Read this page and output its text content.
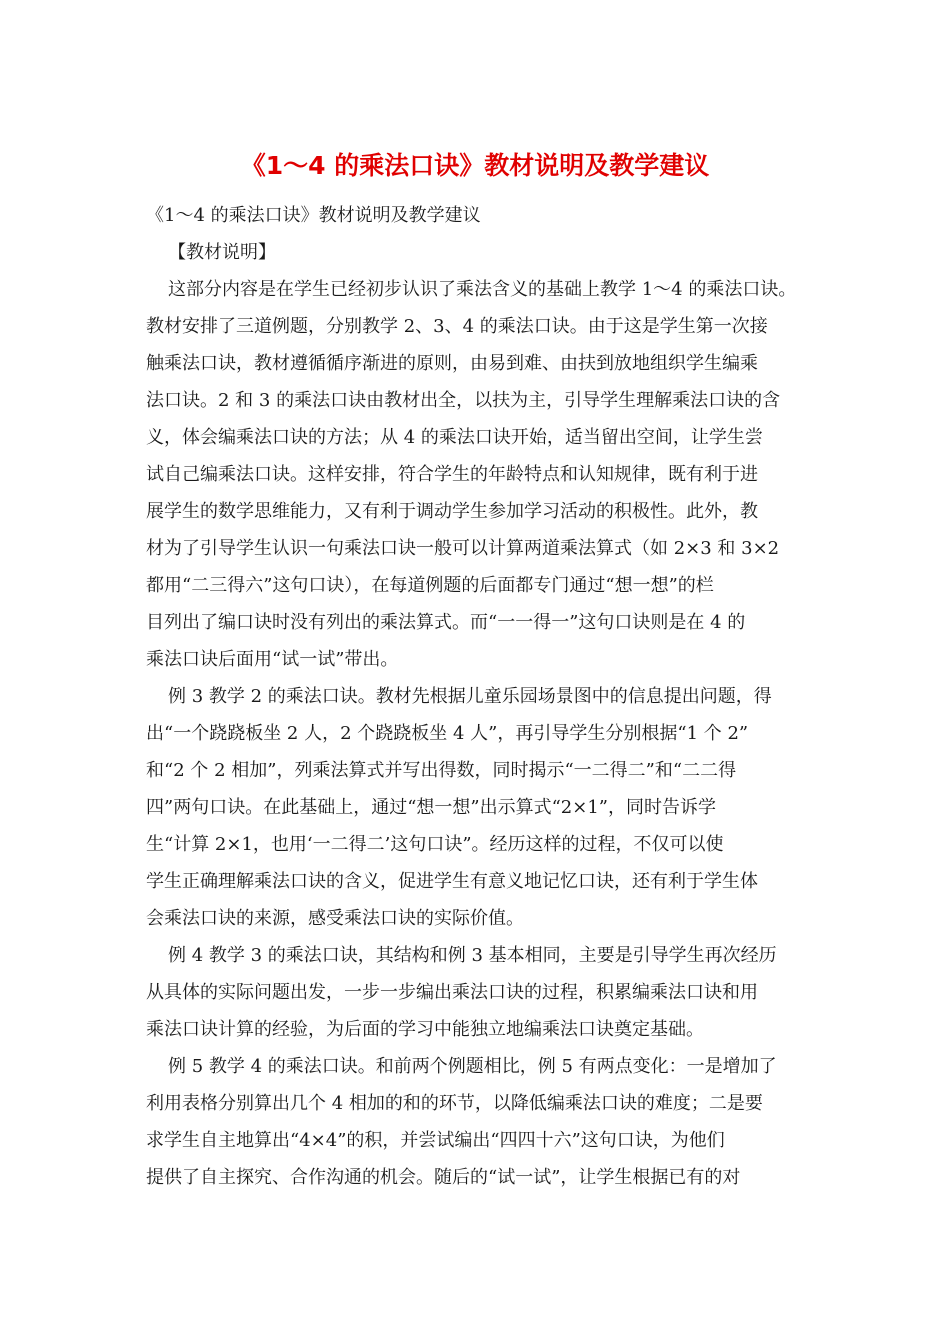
《1～4 的乘法口诀》教材说明及教学建议
《1～4 的乘法口诀》教材说明及教学建议
【教材说明】
这部分内容是在学生已经初步认识了乘法含义的基础上教学 1～4 的乘法口诀。
教材安排了三道例题，分别教学 2、3、4 的乘法口诀。由于这是学生第一次接
触乘法口诀，教材遵循循序渐进的原则，由易到难、由扶到放地组织学生编乘
法口诀。2 和 3 的乘法口诀由教材出全，以扶为主，引导学生理解乘法口诀的含
义，体会编乘法口诀的方法；从 4 的乘法口诀开始，适当留出空间，让学生尝
试自己编乘法口诀。这样安排，符合学生的年龄特点和认知规律，既有利于进
展学生的数学思维能力，又有利于调动学生参加学习活动的积极性。此外，教
材为了引导学生认识一句乘法口诀一般可以计算两道乘法算式（如 2×3 和 3×2
都用“二三得六”这句口诀），在每道例题的后面都专门通过“想一想”的栏
目列出了编口诀时没有列出的乘法算式。而“一一得一”这句口诀则是在 4 的
乘法口诀后面用“试一试”带出。
例 3 教学 2 的乘法口诀。教材先根据儿童乐园场景图中的信息提出问题，得
出“一个跷跷板坐 2 人，2 个跷跷板坐 4 人”，再引导学生分别根据“1 个 2”
和“2 个 2 相加”，列乘法算式并写出得数，同时揭示“一二得二”和“二二得
四”两句口诀。在此基础上，通过“想一想”出示算式“2×1”，同时告诉学
生“计算 2×1，也用‘一二得二’这句口诀”。经历这样的过程，不仅可以使
学生正确理解乘法口诀的含义，促进学生有意义地记忆口诀，还有利于学生体
会乘法口诀的来源，感受乘法口诀的实际价值。
例 4 教学 3 的乘法口诀，其结构和例 3 基本相同，主要是引导学生再次经历
从具体的实际问题出发，一步一步编出乘法口诀的过程，积累编乘法口诀和用
乘法口诀计算的经验，为后面的学习中能独立地编乘法口诀奠定基础。
例 5 教学 4 的乘法口诀。和前两个例题相比，例 5 有两点变化：一是增加了
利用表格分别算出几个 4 相加的和的环节，以降低编乘法口诀的难度；二是要
求学生自主地算出“4×4”的积，并尝试编出“四四十六”这句口诀，为他们
提供了自主探究、合作沟通的机会。随后的“试一试”，让学生根据已有的对
